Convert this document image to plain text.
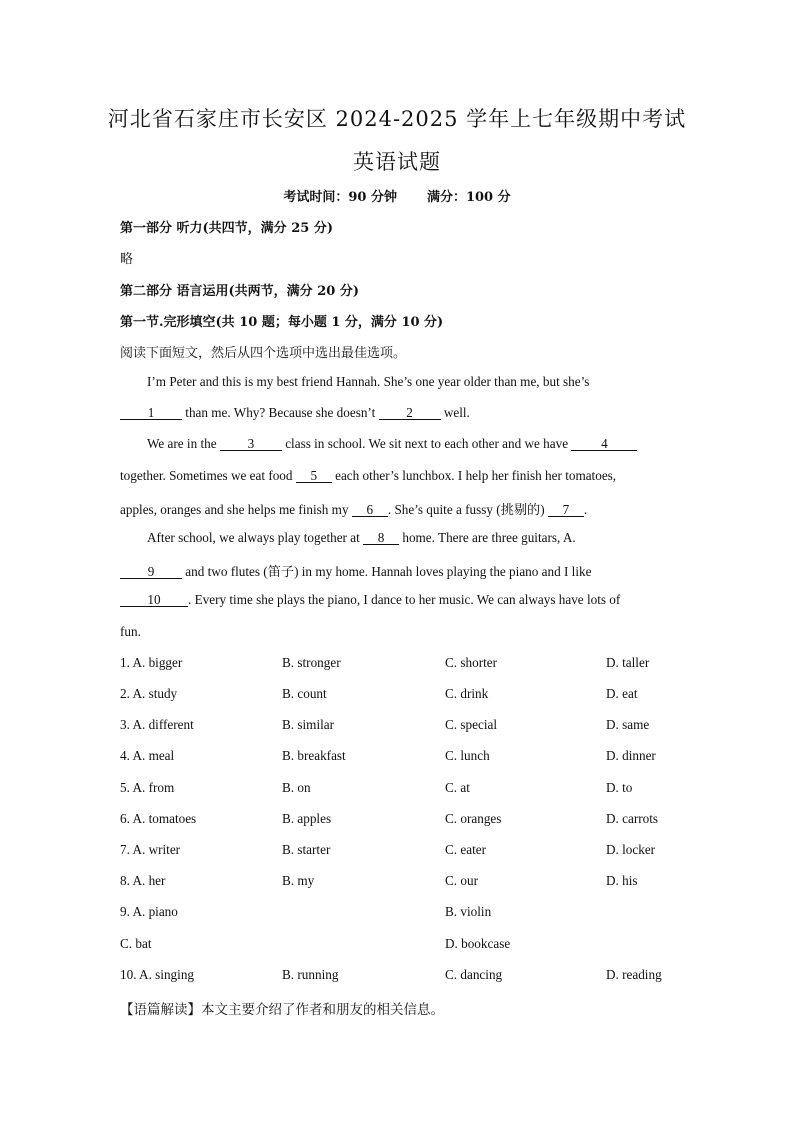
河北省石家庄市长安区 2024-2025 学年上七年级期中考试
英语试题
考试时间：90 分钟 满分：100 分
第一部分 听力(共四节，满分 25 分)
略
第二部分 语言运用(共两节，满分 20 分)
第一节.完形填空(共 10 题；每小题 1 分，满分 10 分)
阅读下面短文，然后从四个选项中选出最佳选项。
I’m Peter and this is my best friend Hannah. She’s one year older than me, but she’s
1 than me. Why? Because she doesn’t 2 well.
We are in the 3 class in school. We sit next to each other and we have 4
together. Sometimes we eat food 5 each other’s lunchbox. I help her finish her tomatoes,
apples, oranges and she helps me finish my 6 . She’s quite a fussy (挑剔的) 7 .
After school, we always play together at 8 home. There are three guitars, A.
9 and two flutes (笛子) in my home. Hannah loves playing the piano and I like
10 . Every time she plays the piano, I dance to her music. We can always have lots of
fun.
1. A. bigger	B. stronger	C. shorter	D. taller
2. A. study	B. count	C. drink	D. eat
3. A. different	B. similar	C. special	D. same
4. A. meal	B. breakfast	C. lunch	D. dinner
5. A. from	B. on	C. at	D. to
6. A. tomatoes	B. apples	C. oranges	D. carrots
7. A. writer	B. starter	C. eater	D. locker
8. A. her	B. my	C. our	D. his
9. A. piano	B. violin
C. bat	D. bookcase
10. A. singing	B. running	C. dancing	D. reading
【语篇解读】本文主要介绍了作者和朋友的相关信息。
